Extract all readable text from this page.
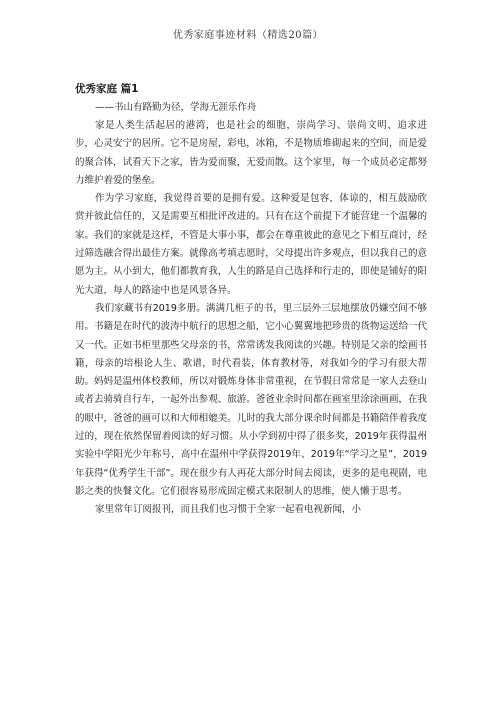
优秀家庭事迹材料（精选20篇）
优秀家庭 篇1
——书山有路勤为径，学海无涯乐作舟

家是人类生活起居的港湾，也是社会的细胞，崇尚学习、崇尚文明、追求进步，心灵安宁的居所。它不是房屋，彩电，冰箱，不是物质堆砌起来的空间，而是爱的聚合体，试看天下之家，皆为爱而聚，无爱而散。这个家里，每一个成员必定都努力维护着爱的堡垒。

作为学习家庭，我觉得首要的是拥有爱。这种爱是包容，体谅的，相互鼓励欣赏并彼此信任的，又是需要互相批评改进的。只有在这个前提下才能营建一个温馨的家。我们的家就是这样，不管是大事小事，都会在尊重彼此的意见之下相互商讨，经过筛选融合得出最佳方案。就像高考填志愿时，父母提出许多观点，但以我自己的意愿为主。从小到大，他们都教育我，人生的路是自己选择和行走的，即使是铺好的阳光大道，每人的路途中也是风景各异。

我们家藏书有2019多册。满满几柜子的书，里三层外三层地摆放仍嫌空间不够用。书籍是在时代的波涛中航行的思想之船，它小心翼翼地把珍贵的货物运送给一代又一代。正如书柜里那些父母亲的书，常常诱发我阅读的兴趣。特别是父亲的绘画书籍，母亲的培根论人生、歌谱，时代看装，体育教材等，对我如今的学习有很大帮助。妈妈是温州体校教师，所以对锻炼身体非常重视，在节假日常常是一家人去登山或者去骑骑自行车，一起外出参观、旅游。爸爸业余时间都在画室里涂涂画画，在我的眼中，爸爸的画可以和大师相媲美。儿时的我大部分课余时间都是书籍陪伴着我度过的，现在依然保留着阅读的好习惯。从小学到初中得了很多奖，2019年获得温州实验中学阳光少年称号，高中在温州中学获得2019年、2019年“学习之星”，2019年获得“优秀学生干部”。现在很少有人再花大部分时间去阅读，更多的是电视剧，电影之类的快餐文化。它们很容易形成固定模式来限制人的思维，使人懒于思考。

家里常年订阅报刊，而且我们也习惯于全家一起看电视新闻，小
